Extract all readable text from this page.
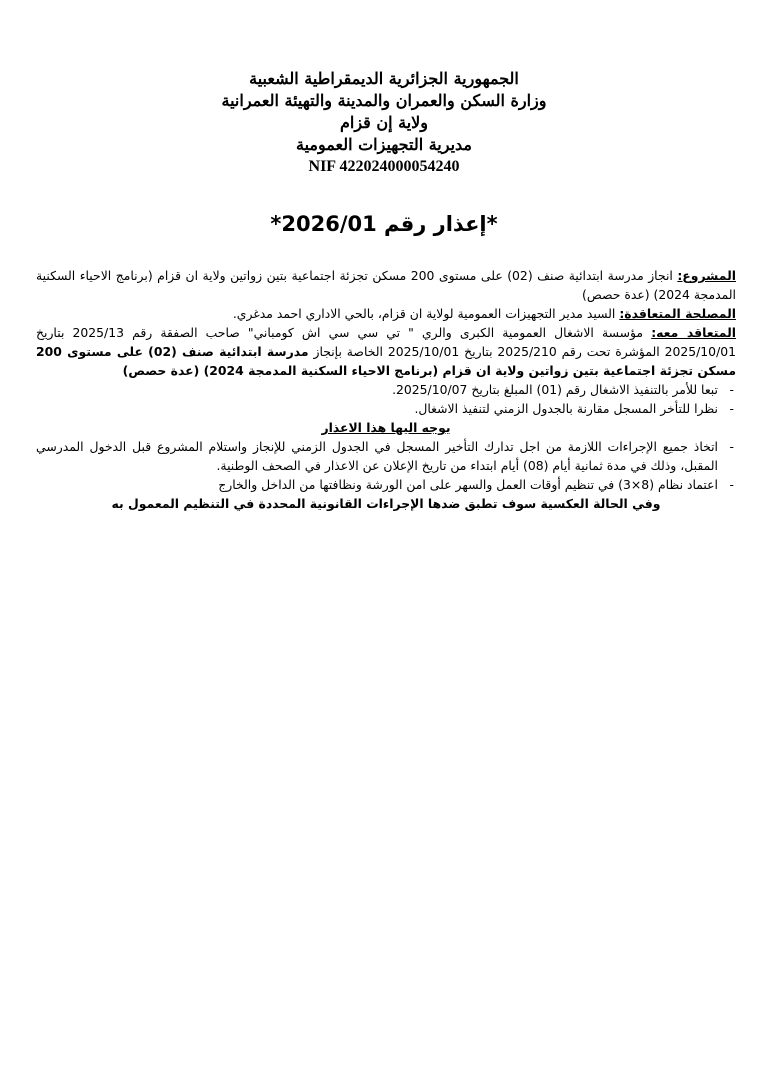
الجمهورية الجزائرية الديمقراطية الشعبية
وزارة السكن والعمران والمدينة والتهيئة العمرانية
ولاية إن قزام
مديرية التجهيزات العمومية
NIF 422024000054240
*إعذار رقم 2026/01*

المشروع: انجاز مدرسة ابتدائية صنف (02) على مستوى 200 مسكن تجزئة اجتماعية بتين زواتين ولاية ان قزام (برنامج الاحياء السكنية المدمجة 2024) (عدة حصص)

المصلحة المتعاقدة: السيد مدير التجهيزات العمومية لولاية ان قزام، بالحي الاداري احمد مدغري.

المتعاقد معه: مؤسسة الاشغال العمومية الكبرى والري " تي سي سي اش كومباني" صاحب الصفقة رقم 2025/13 بتاريخ 2025/10/01 المؤشرة تحت رقم 2025/210 بتاريخ 2025/10/01 الخاصة بإنجاز مدرسة ابتدائية صنف (02) على مستوى 200 مسكن تجزئة اجتماعية بتين زواتين ولاية ان قزام (برنامج الاحياء السكنية المدمجة 2024) (عدة حصص)

- تبعا للأمر بالتنفيذ الاشغال رقم (01) المبلغ بتاريخ 2025/10/07.
- نظرا للتأخر المسجل مقارنة بالجدول الزمني لتنفيذ الاشغال.

يوجه اليها هذا الاعذار

- اتخاذ جميع الإجراءات اللازمة من اجل تدارك التأخير المسجل في الجدول الزمني للإنجاز واستلام المشروع قبل الدخول المدرسي المقبل، وذلك في مدة ثمانية أيام (08) أيام ابتداء من تاريخ الإعلان عن الاعذار في الصحف الوطنية.
- اعتماد نظام (8×3) في تنظيم أوقات العمل والسهر على امن الورشة ونظافتها من الداخل والخارج

وفي الحالة العكسية سوف تطبق ضدها الإجراءات القانونية المحددة في التنظيم المعمول به
